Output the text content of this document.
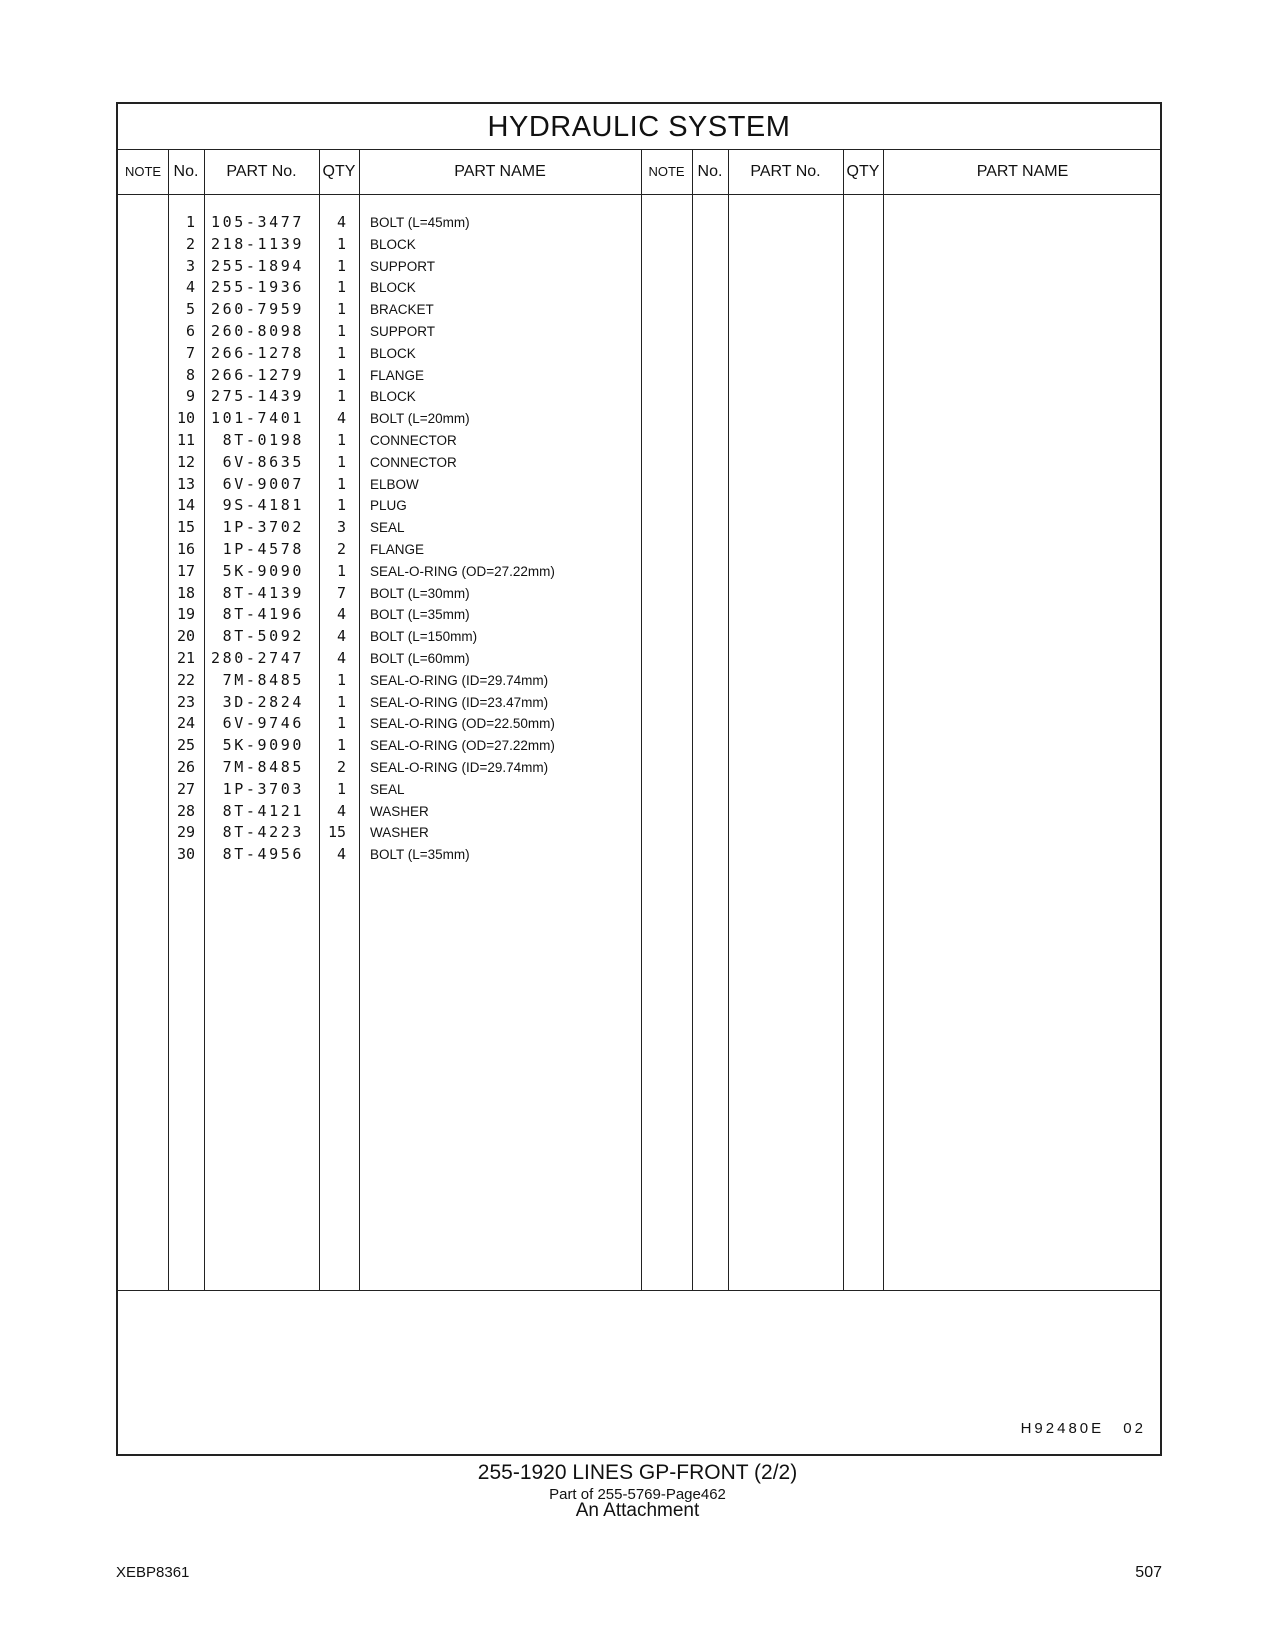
HYDRAULIC SYSTEM
NOTE No.	PART No.	QTY	PART NAME	NOTE No.	PART No.	QTY	PART NAME
1	105-3477	4 BOLT (L=45mm)
2	218-1139	1 BLOCK
3	255-1894	1 SUPPORT
4	255-1936	1 BLOCK
5	260-7959	1 BRACKET
6	260-8098	1 SUPPORT
7	266-1278	1 BLOCK
8	266-1279	1 FLANGE
9	275-1439	1 BLOCK
10	101-7401	4 BOLT (L=20mm)
11	8T-0198	1 CONNECTOR
12	6V-8635	1 CONNECTOR
13	6V-9007	1 ELBOW
14	9S-4181	1 PLUG
15	1P-3702	3 SEAL
16	1P-4578	2 FLANGE
17	5K-9090	1 SEAL-O-RING (OD=27.22mm)
18	8T-4139	7 BOLT (L=30mm)
19	8T-4196	4 BOLT (L=35mm)
20	8T-5092	4 BOLT (L=150mm)
21	280-2747	4 BOLT (L=60mm)
22	7M-8485	1 SEAL-O-RING (ID=29.74mm)
23	3D-2824	1 SEAL-O-RING (ID=23.47mm)
24	6V-9746	1 SEAL-O-RING (OD=22.50mm)
25	5K-9090	1 SEAL-O-RING (OD=27.22mm)
26	7M-8485	2 SEAL-O-RING (ID=29.74mm)
27	1P-3703	1 SEAL
28	8T-4121	4 WASHER
29	8T-4223	15 WASHER
30	8T-4956	4 BOLT (L=35mm)
H92480E 02
255-1920 LINES GP-FRONT (2/2)
Part of 255-5769-Page462
An Attachment
XEBP8361	507
